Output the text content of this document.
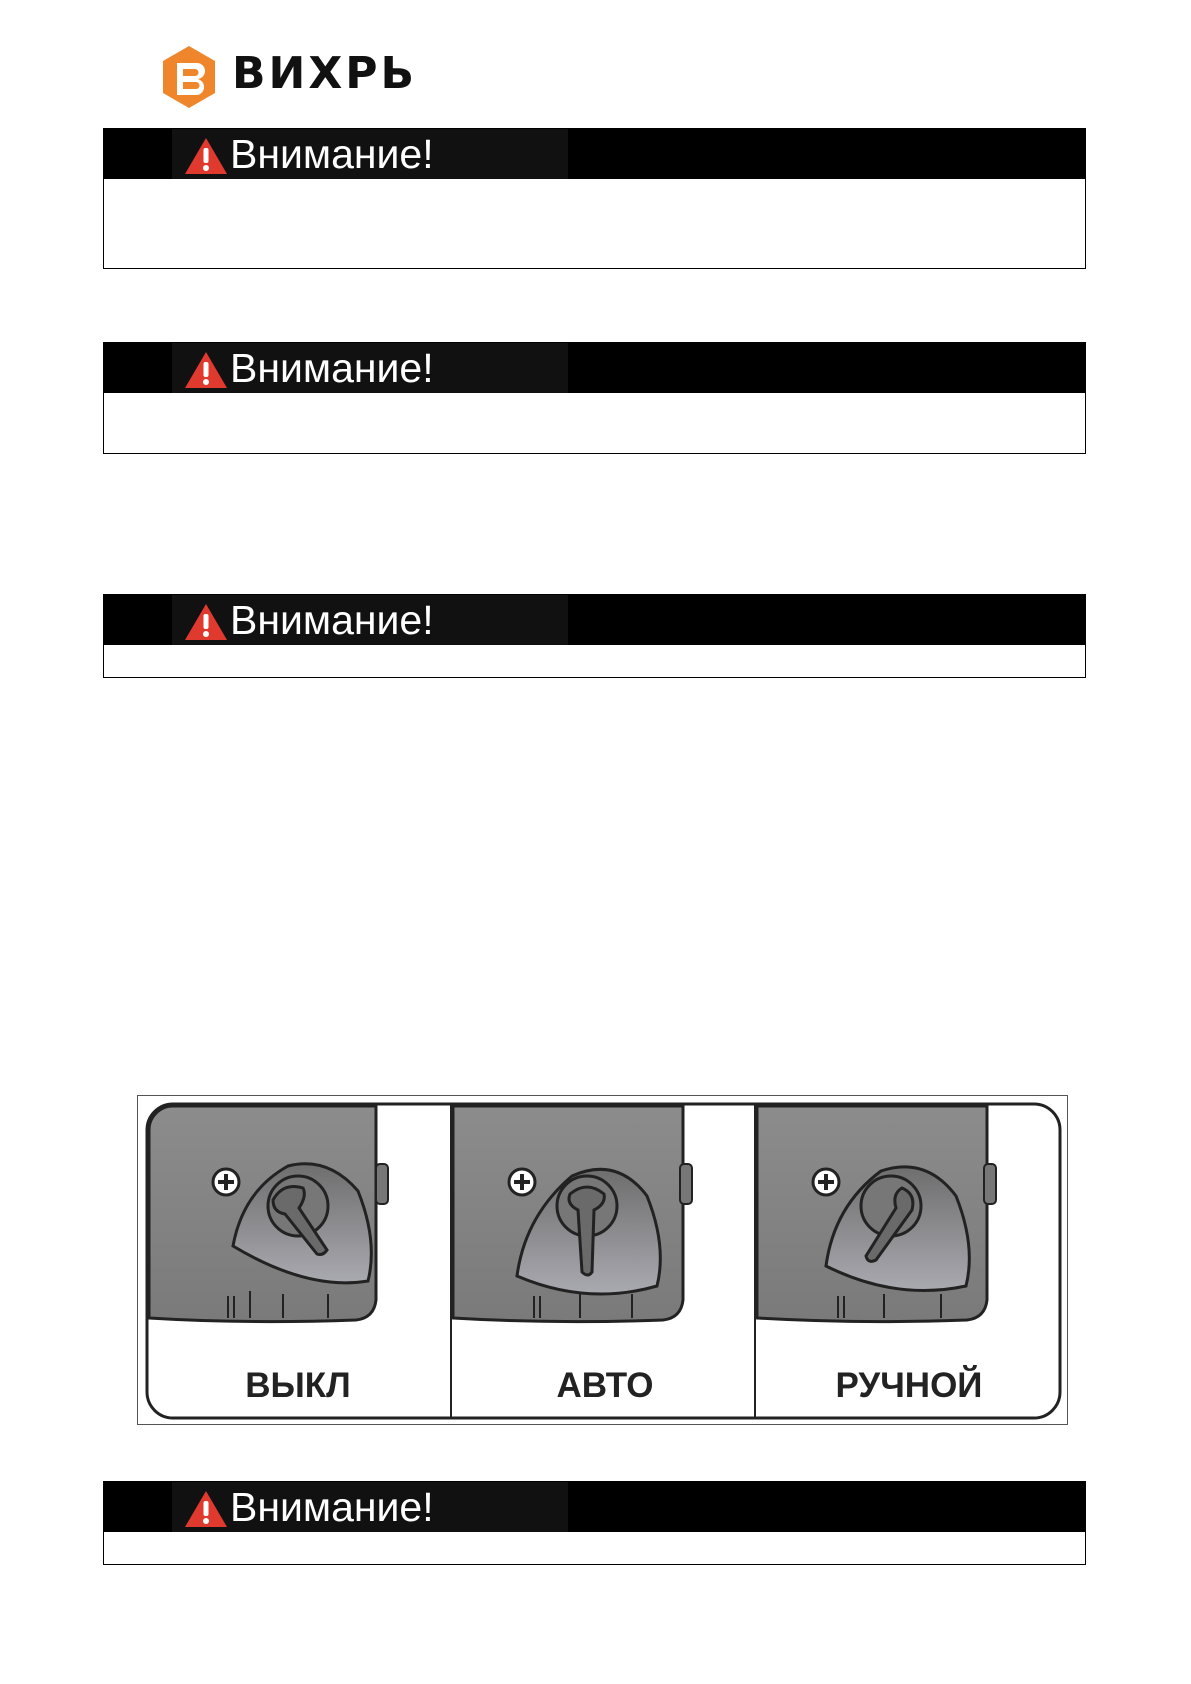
ВИХРЬ
Внимание!
Внимание!
Внимание!
ВЫКЛ	АВТО	РУЧНОЙ
Внимание!
